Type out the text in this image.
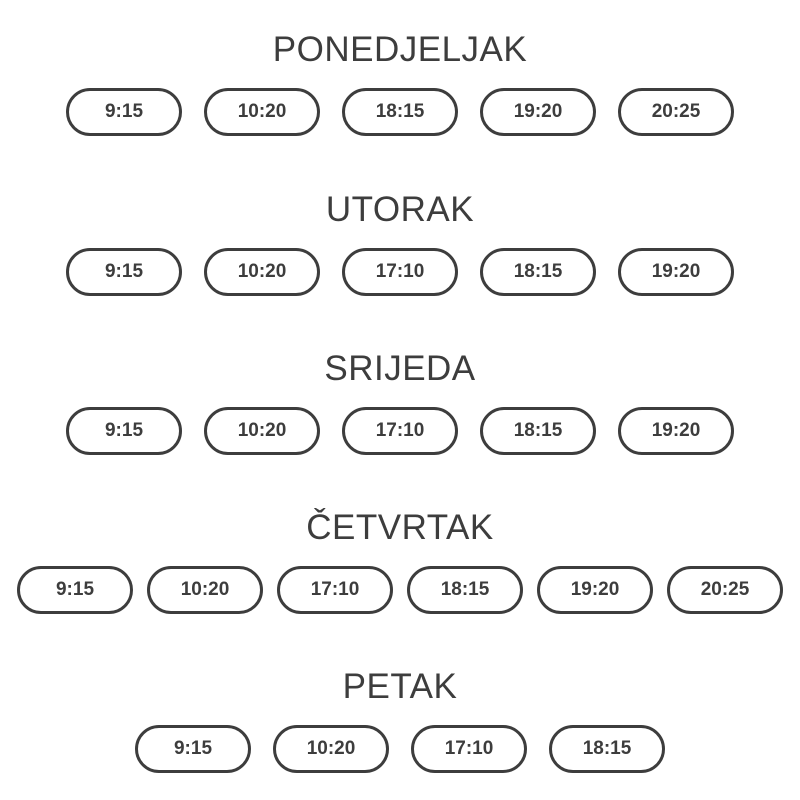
PONEDJELJAK
9:15	10:20	18:15	19:20	20:25
UTORAK
9:15	10:20	17:10	18:15	19:20
SRIJEDA
9:15	10:20	17:10	18:15	19:20
ČETVRTAK
9:15	10:20	17:10	18:15	19:20	20:25
PETAK
9:15	10:20	17:10	18:15
